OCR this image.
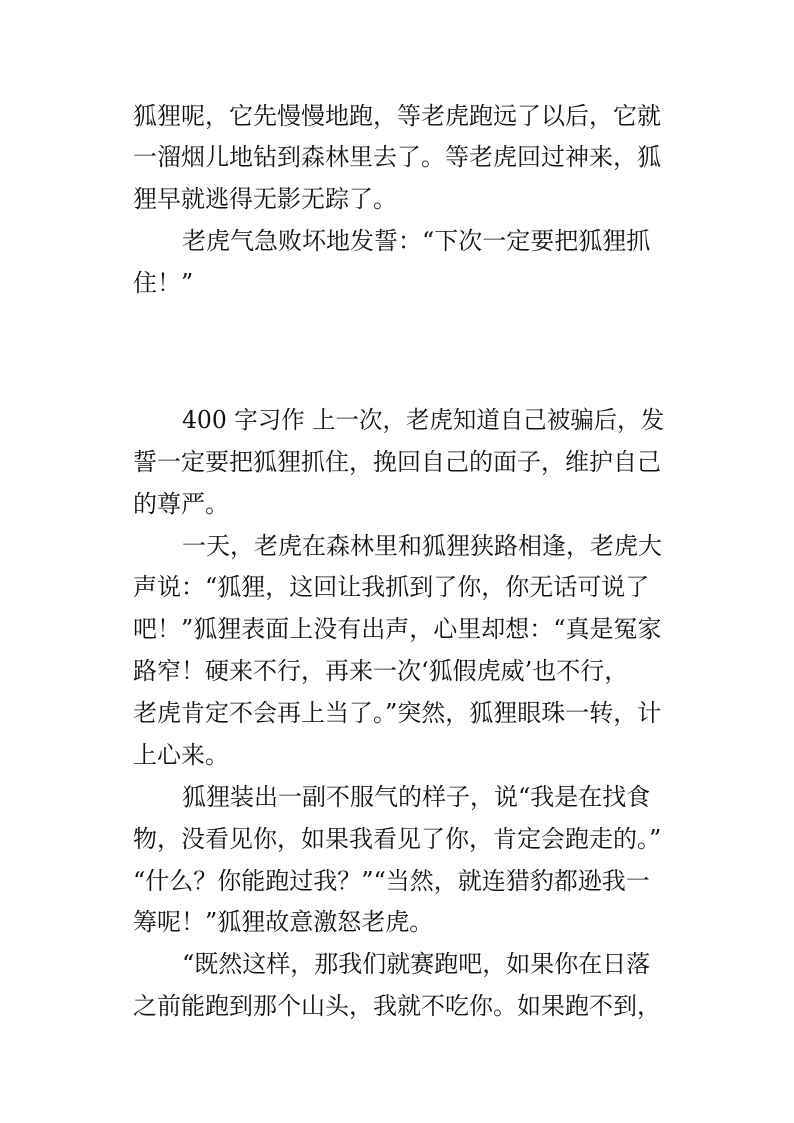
狐狸呢，它先慢慢地跑，等老虎跑远了以后，它就
一溜烟儿地钻到森林里去了。等老虎回过神来，狐
狸早就逃得无影无踪了。
老虎气急败坏地发誓：“下次一定要把狐狸抓
住！”
400 字习作 上一次，老虎知道自己被骗后，发
誓一定要把狐狸抓住，挽回自己的面子，维护自己
的尊严。
一天，老虎在森林里和狐狸狭路相逢，老虎大
声说：“狐狸，这回让我抓到了你，你无话可说了
吧！”狐狸表面上没有出声，心里却想：“真是冤家
路窄！硬来不行，再来一次‘狐假虎威’也不行，
老虎肯定不会再上当了。”突然，狐狸眼珠一转，计
上心来。
狐狸装出一副不服气的样子，说“我是在找食
物，没看见你，如果我看见了你，肯定会跑走的。”
“什么？你能跑过我？”“当然，就连猎豹都逊我一
筹呢！”狐狸故意激怒老虎。
“既然这样，那我们就赛跑吧，如果你在日落
之前能跑到那个山头，我就不吃你。如果跑不到，
